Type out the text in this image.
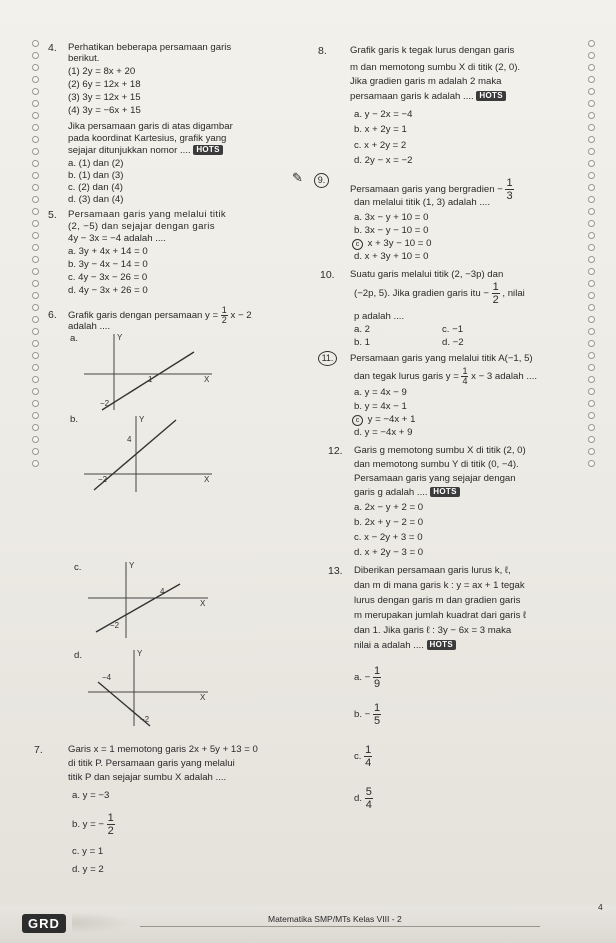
4. Perhatikan beberapa persamaan garis
berikut.
(1) 2y = 8x + 20
(2) 6y = 12x + 18
(3) 3y = 12x + 15
(4) 3y = −6x + 15
Jika persamaan garis di atas digambar
pada koordinat Kartesius, grafik yang
sejajar ditunjukkan nomor .... HOTS
a. (1) dan (2)
b. (1) dan (3)
c. (2) dan (4)
d. (3) dan (4)
5. Persamaan garis yang melalui titik
(2, −5) dan sejajar dengan garis
4y − 3x = −4 adalah ....
a. 3y + 4x + 14 = 0
b. 3y − 4x − 14 = 0
c. 4y − 3x − 26 = 0
d. 4y − 3x + 26 = 0
6. Grafik garis dengan persamaan $y = \frac{1}{2}$ x − 2
adalah ....
a.	Y
X
1
−2
b.	Y
X
−2
4
c.	Y
X
4
−2
d.	Y
X
−4
−2
7.	Garis x = 1 memotong garis 2x + 5y + 13 = 0
di titik P. Persamaan garis yang melalui
titik P dan sejajar sumbu X adalah ....
a. y = −3
b. y = − $\frac{1}{2}$
c. y = 1
d. y = 2
8. Grafik garis k tegak lurus dengan garis
m dan memotong sumbu X di titik (2, 0).
Jika gradien garis m adalah 2 maka
persamaan garis k adalah .... HOTS
a. y − 2x = −4
b. x + 2y = 1
c. x + 2y = 2
d. 2y − x = −2
✎	9.
Persamaan garis yang bergradien − $\frac{1}{3}$
dan melalui titik (1, 3) adalah ....
a. 3x − y + 10 = 0
b. 3x − y − 10 = 0
c x + 3y − 10 = 0
d. x + 3y + 10 = 0
10. Suatu garis melalui titik (2, −3p) dan
(−2p, 5). Jika gradien garis itu − $\frac{1}{2}$ , nilai
p adalah ....
a. 2
b. 1
c. −1
d. −2
11.	Persamaan garis yang melalui titik A(−1, 5)
dan tegak lurus garis $y = \frac{1}{4}$ x − 3 adalah ....
a. y = 4x − 9
b. y = 4x − 1
c y = −4x + 1
d. y = −4x + 9
12. Garis g memotong sumbu X di titik (2, 0)
dan memotong sumbu Y di titik (0, −4).
Persamaan garis yang sejajar dengan
garis g adalah .... HOTS
a. 2x − y + 2 = 0
b. 2x + y − 2 = 0
c. x − 2y + 3 = 0
d. x + 2y − 3 = 0
13. Diberikan persamaan garis lurus k, ℓ,
dan m di mana garis k : y = ax + 1 tegak
lurus dengan garis m dan gradien garis
m merupakan jumlah kuadrat dari garis ℓ
dan 1. Jika garis ℓ : 3y − 6x = 3 maka
nilai a adalah .... HOTS
a. − $\frac{1}{9}$
b. − $\frac{1}{5}$
c. $\frac{1}{4}$
d. $\frac{5}{4}$
GRD	Matematika SMP/MTs Kelas VIII - 2
4
